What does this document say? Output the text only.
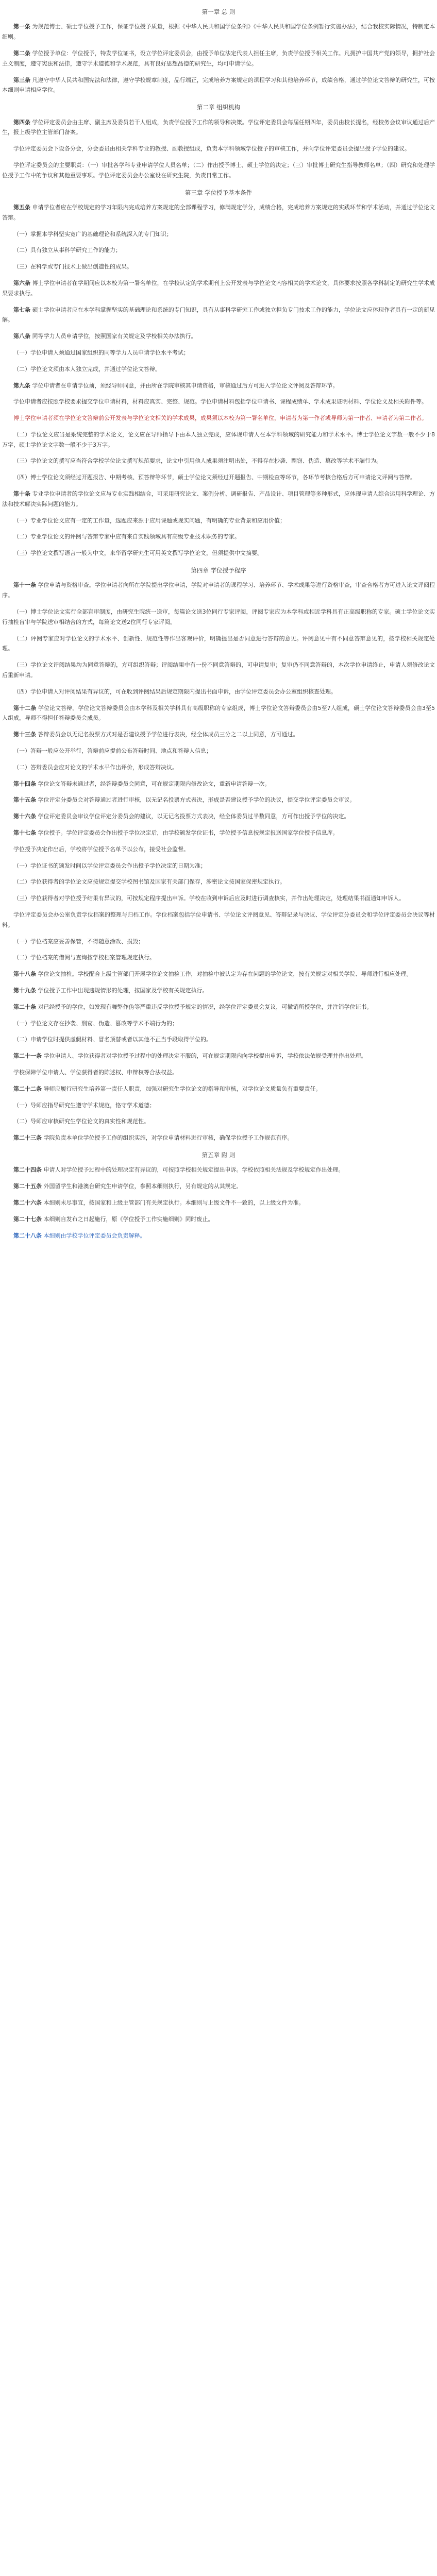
第一章 总 则

第一条 为规范博士、硕士学位授予工作，保证学位授予质量，根据《中华人民共和国学位条例》《中华人民共和国学位条例暂行实施办法》，结合我校实际情况，特制定本细则。

第二条 学位授予单位：学位授予，特发学位证书，设立学位评定委员会，由授予单位法定代表人担任主席，负责学位授予相关工作。凡拥护中国共产党的领导，拥护社会主义制度，遵守宪法和法律，遵守学术道德和学术规范，具有良好思想品德的研究生，均可申请学位。

第三条 凡遵守中华人民共和国宪法和法律，遵守学校规章制度，品行端正，完成培养方案规定的课程学习和其他培养环节，成绩合格，通过学位论文答辩的研究生，可按本细则申请相应学位。

第二章 组织机构

第四条 学位评定委员会由主席、副主席及委员若干人组成，负责学位授予工作的领导和决策。学位评定委员会每届任期四年，委员由校长提名，经校务会议审议通过后产生，报上级学位主管部门备案。

学位评定委员会下设各分会，分会委员由相关学科专业的教授、副教授组成，负责本学科领域学位授予的审核工作，并向学位评定委员会提出授予学位的建议。

学位评定委员会的主要职责：（一）审批各学科专业申请学位人员名单；（二）作出授予博士、硕士学位的决定；（三）审批博士研究生指导教师名单；（四）研究和处理学位授予工作中的争议和其他重要事项。学位评定委员会办公室设在研究生院，负责日常工作。

第三章 学位授予基本条件

第五条 申请学位者应在学校规定的学习年限内完成培养方案规定的全部课程学习，修满规定学分，成绩合格，完成培养方案规定的实践环节和学术活动，并通过学位论文答辩。

（一）掌握本学科坚实宽广的基础理论和系统深入的专门知识；

（二）具有独立从事科学研究工作的能力；

（三）在科学或专门技术上做出创造性的成果。

第六条 博士学位申请者在学期间应以本校为第一署名单位，在学校认定的学术期刊上公开发表与学位论文内容相关的学术论文，具体要求按照各学科制定的研究生学术成果要求执行。

第七条 硕士学位申请者应在本学科掌握坚实的基础理论和系统的专门知识，具有从事科学研究工作或独立担负专门技术工作的能力，学位论文应体现作者具有一定的新见解。

第八条 同等学力人员申请学位，按照国家有关规定及学校相关办法执行。

（一）学位申请人须通过国家组织的同等学力人员申请学位水平考试；

（二）学位论文须由本人独立完成，并通过学位论文答辩。

第九条 学位申请者在申请学位前，须经导师同意，并由所在学院审核其申请资格，审核通过后方可进入学位论文评阅及答辩环节。

学位申请者应按照学校要求提交学位申请材料，材料应真实、完整、规范。学位申请材料包括学位申请书、课程成绩单、学术成果证明材料、学位论文及相关附件等。

博士学位申请者须在学位论文答辩前公开发表与学位论文相关的学术成果，成果须以本校为第一署名单位，申请者为第一作者或导师为第一作者、申请者为第二作者。

（二）学位论文应当是系统完整的学术论文，论文应在导师指导下由本人独立完成，应体现申请人在本学科领域的研究能力和学术水平。博士学位论文字数一般不少于8万字，硕士学位论文字数一般不少于3万字。

（三）学位论文的撰写应当符合学校学位论文撰写规范要求，论文中引用他人成果须注明出处，不得存在抄袭、剽窃、伪造、篡改等学术不端行为。

（四）博士学位论文须经过开题报告、中期考核、预答辩等环节，硕士学位论文须经过开题报告、中期检查等环节，各环节考核合格后方可申请论文评阅与答辩。

第十条 专业学位申请者的学位论文应与专业实践相结合，可采用研究论文、案例分析、调研报告、产品设计、项目管理等多种形式，应体现申请人综合运用科学理论、方法和技术解决实际问题的能力。

（一）专业学位论文应有一定的工作量，选题应来源于应用课题或现实问题，有明确的专业背景和应用价值；

（二）专业学位论文的评阅与答辩专家中应有来自实践领域具有高级专业技术职务的专家。

（三）学位论文撰写语言一般为中文，来华留学研究生可用英文撰写学位论文，但须提供中文摘要。

第四章 学位授予程序

第十一条 学位申请与资格审查。学位申请者向所在学院提出学位申请，学院对申请者的课程学习、培养环节、学术成果等进行资格审查，审查合格者方可进入论文评阅程序。

（一）博士学位论文实行全部盲审制度，由研究生院统一送审，每篇论文送3位同行专家评阅，评阅专家应为本学科或相近学科具有正高级职称的专家。硕士学位论文实行抽检盲审与学院送审相结合的方式，每篇论文送2位同行专家评阅。

（二）评阅专家应对学位论文的学术水平、创新性、规范性等作出客观评价，明确提出是否同意进行答辩的意见。评阅意见中有不同意答辩意见的，按学校相关规定处理。

（三）学位论文评阅结果均为同意答辩的，方可组织答辩；评阅结果中有一份不同意答辩的，可申请复审；复审仍不同意答辩的，本次学位申请终止，申请人须修改论文后重新申请。

（四）学位申请人对评阅结果有异议的，可在收到评阅结果后规定期限内提出书面申诉，由学位评定委员会办公室组织核查处理。

第十二条 学位论文答辩。学位论文答辩委员会由本学科及相关学科具有高级职称的专家组成，博士学位论文答辩委员会由5至7人组成，硕士学位论文答辩委员会由3至5人组成，导师不得担任答辩委员会成员。

第十三条 答辩委员会以无记名投票方式对是否建议授予学位进行表决，经全体成员三分之二以上同意，方可通过。

（一）答辩一般应公开举行，答辩前应提前公布答辩时间、地点和答辩人信息；

（二）答辩委员会应对论文的学术水平作出评价，形成答辩决议。

第十四条 学位论文答辩未通过者，经答辩委员会同意，可在规定期限内修改论文，重新申请答辩一次。

第十五条 学位评定分委员会对答辩通过者进行审核，以无记名投票方式表决，形成是否建议授予学位的决议，提交学位评定委员会审议。

第十六条 学位评定委员会审议学位评定分委员会的建议，以无记名投票方式表决，经全体委员过半数同意，方可作出授予学位的决定。

第十七条 学位授予。学位评定委员会作出授予学位决定后，由学校颁发学位证书，学位授予信息按规定报送国家学位授予信息库。

学位授予决定作出后，学校将学位授予名单予以公布，接受社会监督。

（一）学位证书的颁发时间以学位评定委员会作出授予学位决定的日期为准；

（二）学位获得者的学位论文应按规定提交学校图书馆及国家有关部门保存，涉密论文按国家保密规定执行。

（三）学位获得者对学位授予结果有异议的，可按规定程序提出申诉。学校在收到申诉后应及时进行调查核实，并作出处理决定，处理结果书面通知申诉人。

学位评定委员会办公室负责学位档案的整理与归档工作。学位档案包括学位申请书、学位论文评阅意见、答辩记录与决议、学位评定分委员会和学位评定委员会决议等材料。

（一）学位档案应妥善保管，不得随意涂改、损毁；

（二）学位档案的借阅与查询按学校档案管理规定执行。

第十八条 学位论文抽检。学校配合上级主管部门开展学位论文抽检工作，对抽检中被认定为存在问题的学位论文，按有关规定对相关学院、导师进行相应处理。

第十九条 学位授予工作中出现违规情形的处理，按国家及学校有关规定执行。

第二十条 对已经授予的学位，如发现有舞弊作伪等严重违反学位授予规定的情况，经学位评定委员会复议，可撤销所授学位，并注销学位证书。

（一）学位论文存在抄袭、剽窃、伪造、篡改等学术不端行为的；

（二）申请学位时提供虚假材料、冒名顶替或者以其他不正当手段取得学位的。

第二十一条 学位申请人、学位获得者对学位授予过程中的处理决定不服的，可在规定期限内向学校提出申诉，学校依法依规受理并作出处理。

学校保障学位申请人、学位获得者的陈述权、申辩权等合法权益。

第二十二条 导师应履行研究生培养第一责任人职责，加强对研究生学位论文的指导和审核，对学位论文质量负有重要责任。

（一）导师应指导研究生遵守学术规范，恪守学术道德；

（二）导师应审核研究生学位论文的真实性和规范性。

第二十三条 学院负责本单位学位授予工作的组织实施，对学位申请材料进行审核，确保学位授予工作规范有序。

第五章 附 则

第二十四条 申请人对学位授予过程中的处理决定有异议的，可按照学校相关规定提出申诉。学校依照相关法规及学校规定作出处理。

第二十五条 外国留学生和港澳台研究生申请学位，参照本细则执行，另有规定的从其规定。

第二十六条 本细则未尽事宜，按国家和上级主管部门有关规定执行。本细则与上级文件不一致的，以上级文件为准。

第二十七条 本细则自发布之日起施行，原《学位授予工作实施细则》同时废止。

第二十八条 本细则由学校学位评定委员会负责解释。
